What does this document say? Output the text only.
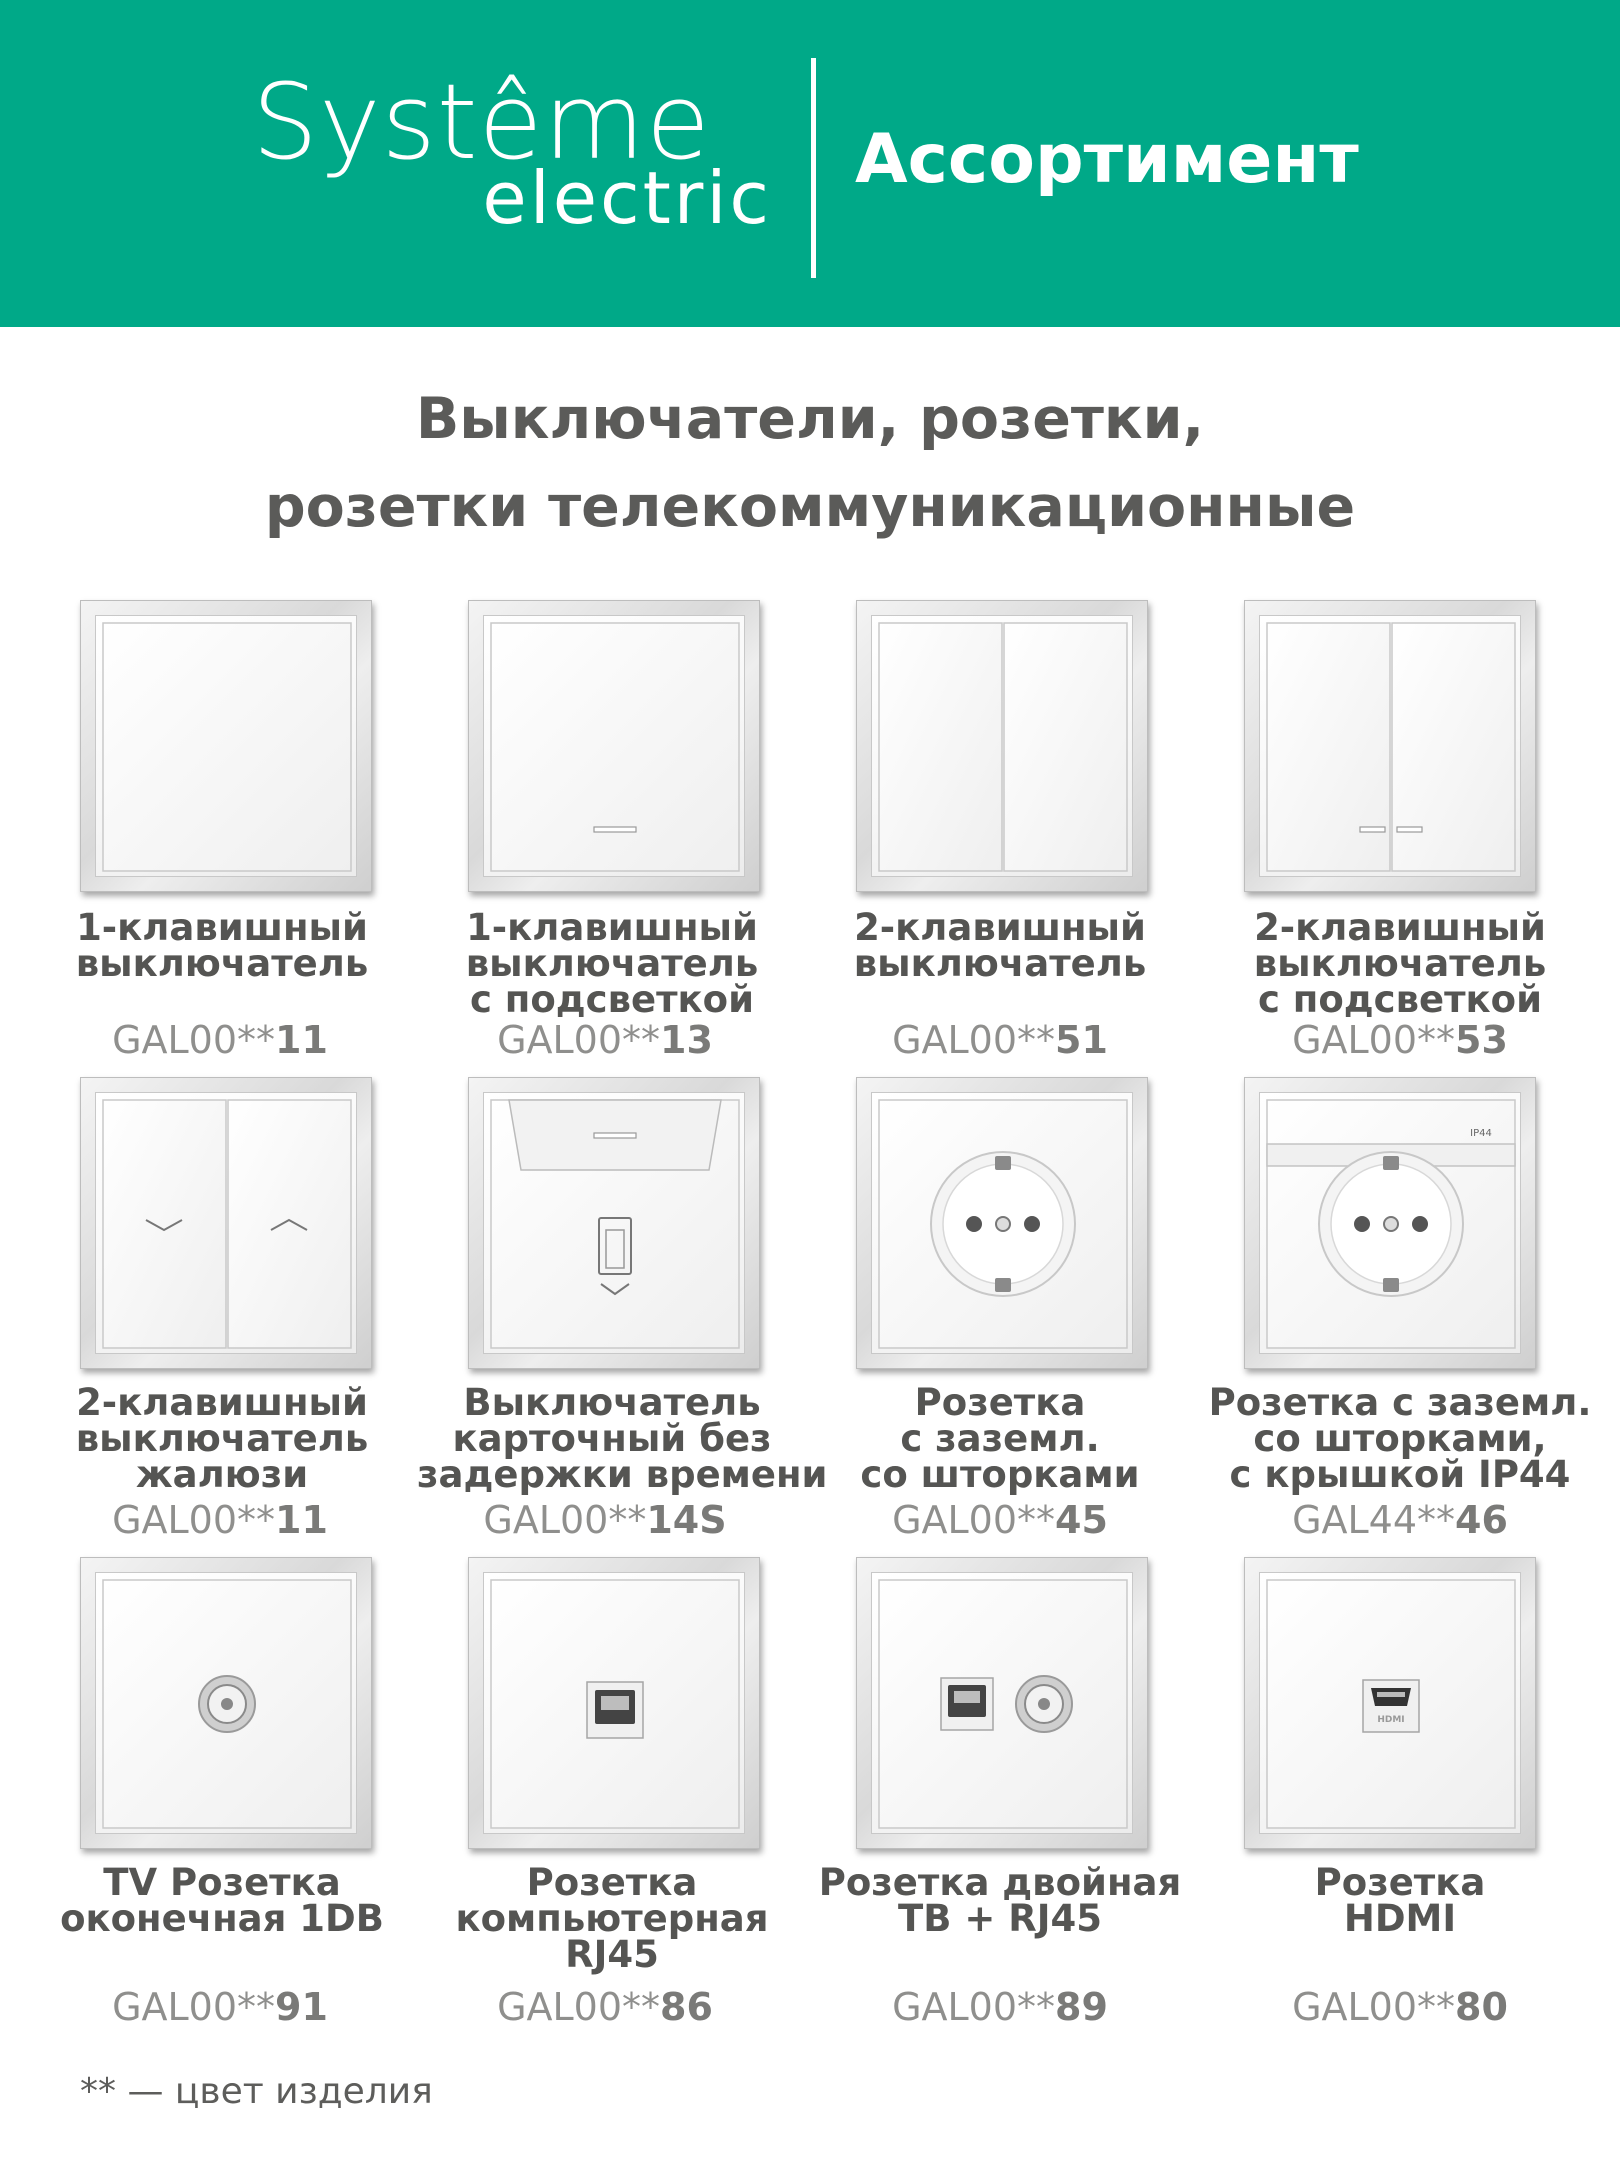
Systême
electric Ассортимент
Выключатели, розетки,
розетки телекоммуникационные
1-клавишный
выключатель
GAL00**11
1-клавишный
выключатель
с подсветкой
GAL00**13
2-клавишный
выключатель
GAL00**51
2-клавишный
выключатель
с подсветкой
GAL00**53
2-клавишный
выключатель
жалюзи
GAL00**11
Выключатель
карточный без
задержки времени
GAL00**14S
Розетка
с заземл.
со шторками
GAL00**45
IP44
Розетка с заземл.
со шторками,
с крышкой IP44
GAL44**46
TV Розетка
оконечная 1DB
GAL00**91
Розетка
компьютерная
RJ45
GAL00**86
Розетка двойная
ТВ + RJ45
GAL00**89
HDMI
Розетка
HDMI
GAL00**80
** — цвет изделия
